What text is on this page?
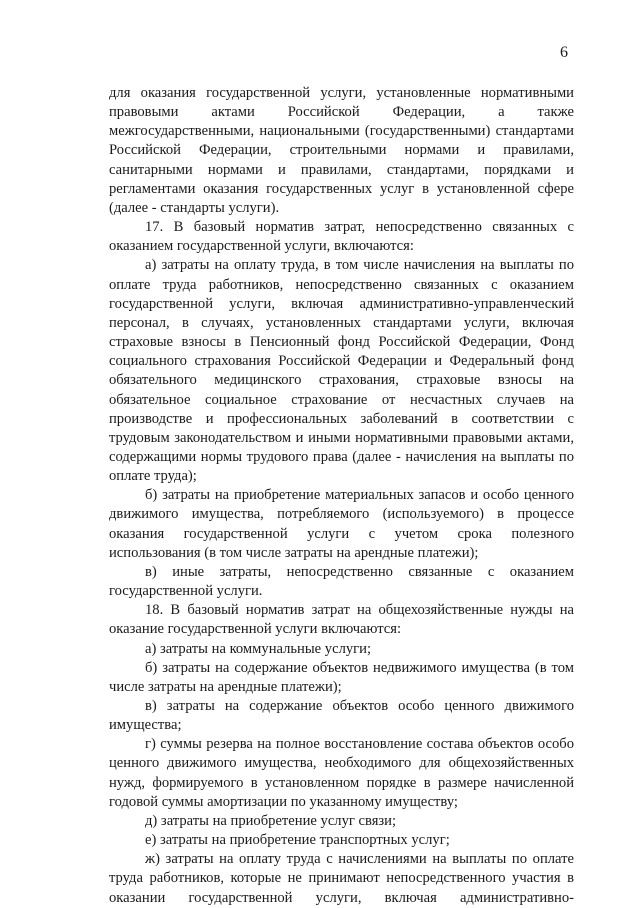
6

для оказания государственной услуги, установленные нормативными правовыми актами Российской Федерации, а также межгосударственными, национальными (государственными) стандартами Российской Федерации, строительными нормами и правилами, санитарными нормами и правилами, стандартами, порядками и регламентами оказания государственных услуг в установленной сфере (далее - стандарты услуги).

17. В базовый норматив затрат, непосредственно связанных с оказанием государственной услуги, включаются:

а) затраты на оплату труда, в том числе начисления на выплаты по оплате труда работников, непосредственно связанных с оказанием государственной услуги, включая административно-управленческий персонал, в случаях, установленных стандартами услуги, включая страховые взносы в Пенсионный фонд Российской Федерации, Фонд социального страхования Российской Федерации и Федеральный фонд обязательного медицинского страхования, страховые взносы на обязательное социальное страхование от несчастных случаев на производстве и профессиональных заболеваний в соответствии с трудовым законодательством и иными нормативными правовыми актами, содержащими нормы трудового права (далее - начисления на выплаты по оплате труда);

б) затраты на приобретение материальных запасов и особо ценного движимого имущества, потребляемого (используемого) в процессе оказания государственной услуги с учетом срока полезного использования (в том числе затраты на арендные платежи);

в) иные затраты, непосредственно связанные с оказанием государственной услуги.

18. В базовый норматив затрат на общехозяйственные нужды на оказание государственной услуги включаются:

а) затраты на коммунальные услуги;

б) затраты на содержание объектов недвижимого имущества (в том числе затраты на арендные платежи);

в) затраты на содержание объектов особо ценного движимого имущества;

г) суммы резерва на полное восстановление состава объектов особо ценного движимого имущества, необходимого для общехозяйственных нужд, формируемого в установленном порядке в размере начисленной годовой суммы амортизации по указанному имуществу;

д) затраты на приобретение услуг связи;

е) затраты на приобретение транспортных услуг;

ж) затраты на оплату труда с начислениями на выплаты по оплате труда работников, которые не принимают непосредственного участия в оказании государственной услуги, включая административно-
